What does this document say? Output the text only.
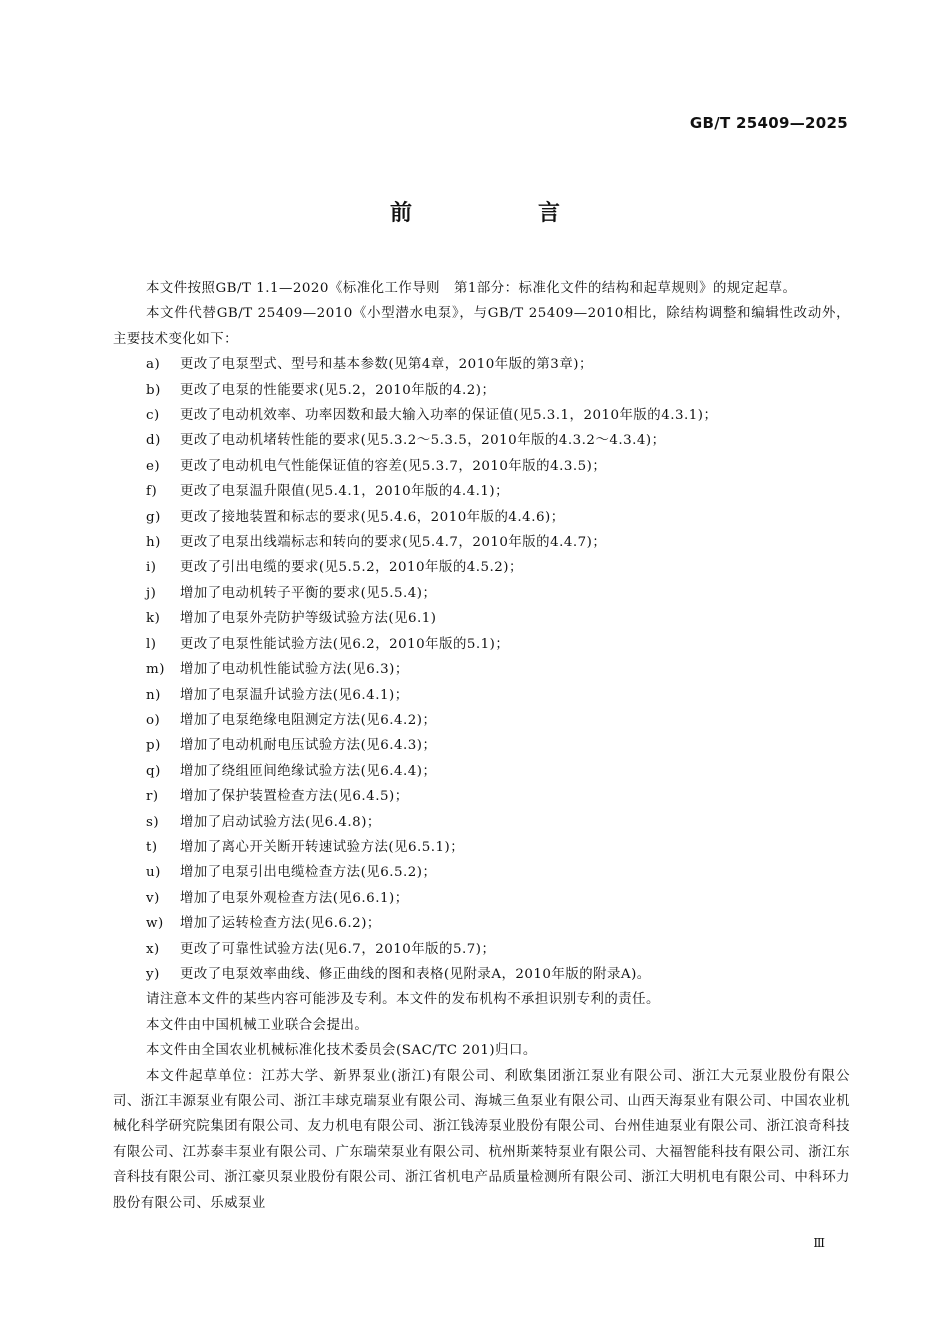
GB/T 25409—2025
前　言
本文件按照GB/T 1.1—2020《标准化工作导则　第1部分：标准化文件的结构和起草规则》的规定起草。
本文件代替GB/T 25409—2010《小型潜水电泵》，与GB/T 25409—2010相比，除结构调整和编辑性改动外，主要技术变化如下：
a)	更改了电泵型式、型号和基本参数(见第4章，2010年版的第3章)；
b)	更改了电泵的性能要求(见5.2，2010年版的4.2)；
c)	更改了电动机效率、功率因数和最大输入功率的保证值(见5.3.1，2010年版的4.3.1)；
d)	更改了电动机堵转性能的要求(见5.3.2～5.3.5，2010年版的4.3.2～4.3.4)；
e)	更改了电动机电气性能保证值的容差(见5.3.7，2010年版的4.3.5)；
f)	更改了电泵温升限值(见5.4.1，2010年版的4.4.1)；
g)	更改了接地装置和标志的要求(见5.4.6，2010年版的4.4.6)；
h)	更改了电泵出线端标志和转向的要求(见5.4.7，2010年版的4.4.7)；
i)	更改了引出电缆的要求(见5.5.2，2010年版的4.5.2)；
j)	增加了电动机转子平衡的要求(见5.5.4)；
k)	增加了电泵外壳防护等级试验方法(见6.1)
l)	更改了电泵性能试验方法(见6.2，2010年版的5.1)；
m)	增加了电动机性能试验方法(见6.3)；
n)	增加了电泵温升试验方法(见6.4.1)；
o)	增加了电泵绝缘电阻测定方法(见6.4.2)；
p)	增加了电动机耐电压试验方法(见6.4.3)；
q)	增加了绕组匝间绝缘试验方法(见6.4.4)；
r)	增加了保护装置检查方法(见6.4.5)；
s)	增加了启动试验方法(见6.4.8)；
t)	增加了离心开关断开转速试验方法(见6.5.1)；
u)	增加了电泵引出电缆检查方法(见6.5.2)；
v)	增加了电泵外观检查方法(见6.6.1)；
w)	增加了运转检查方法(见6.6.2)；
x)	更改了可靠性试验方法(见6.7，2010年版的5.7)；
y)	更改了电泵效率曲线、修正曲线的图和表格(见附录A，2010年版的附录A)。
请注意本文件的某些内容可能涉及专利。本文件的发布机构不承担识别专利的责任。
本文件由中国机械工业联合会提出。
本文件由全国农业机械标准化技术委员会(SAC/TC 201)归口。
本文件起草单位：江苏大学、新界泵业(浙江)有限公司、利欧集团浙江泵业有限公司、浙江大元泵业股份有限公司、浙江丰源泵业有限公司、浙江丰球克瑞泵业有限公司、海城三鱼泵业有限公司、山西天海泵业有限公司、中国农业机械化科学研究院集团有限公司、友力机电有限公司、浙江钱涛泵业股份有限公司、台州佳迪泵业有限公司、浙江浪奇科技有限公司、江苏泰丰泵业有限公司、广东瑞荣泵业有限公司、杭州斯莱特泵业有限公司、大福智能科技有限公司、浙江东音科技有限公司、浙江豪贝泵业股份有限公司、浙江省机电产品质量检测所有限公司、浙江大明机电有限公司、中科环力股份有限公司、乐威泵业
Ⅲ
